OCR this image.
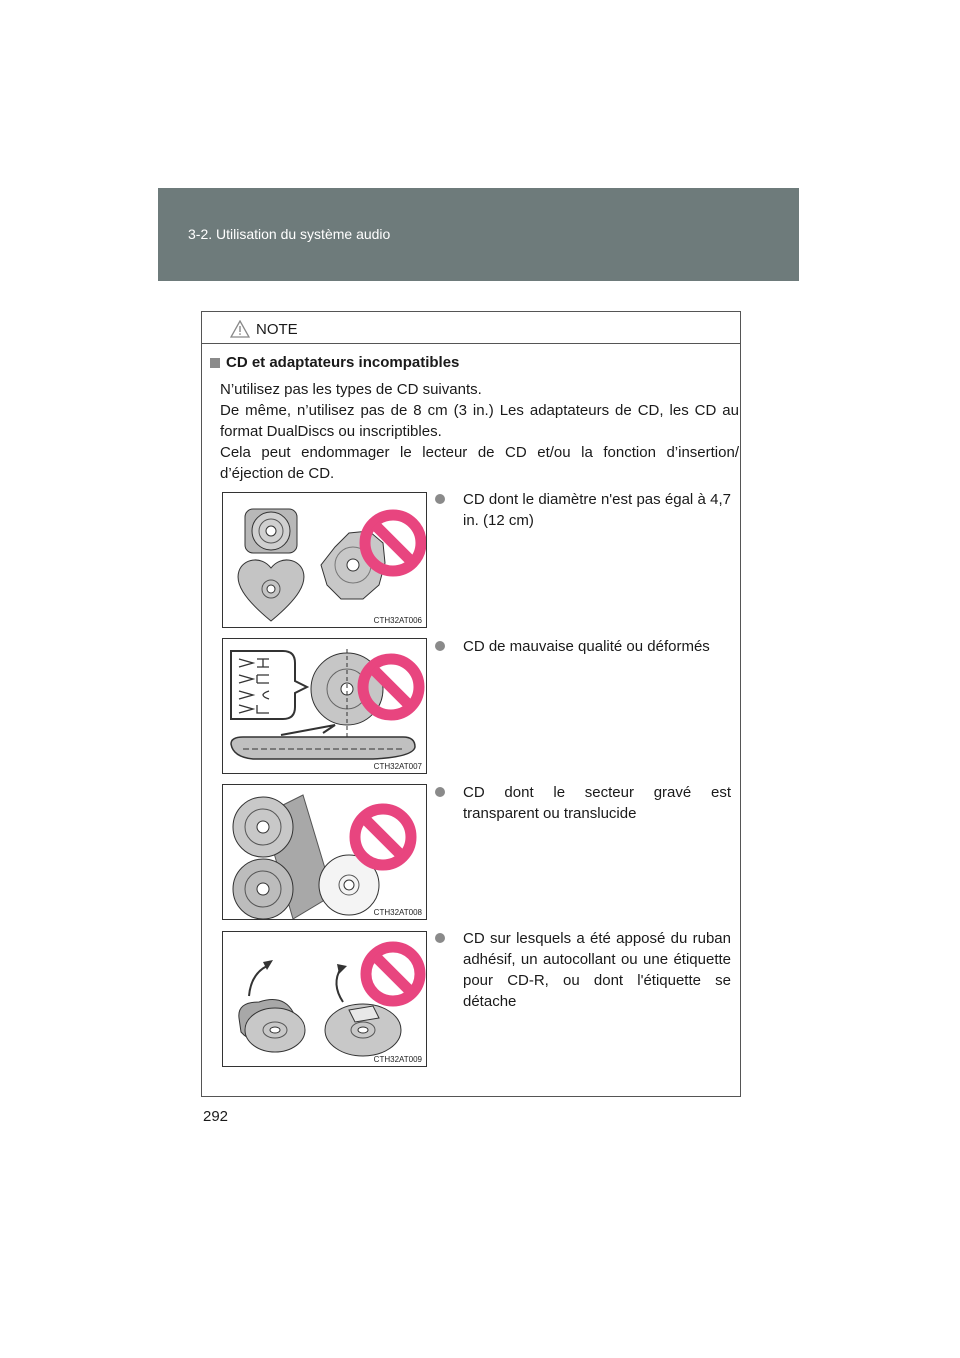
3-2. Utilisation du système audio
NOTE
CD et adaptateurs incompatibles
N’utilisez pas les types de CD suivants.
De même, n’utilisez pas de 8 cm (3 in.) Les adaptateurs de CD, les CD au
format DualDiscs ou inscriptibles.
Cela peut endommager le lecteur de CD et/ou la fonction d’insertion/
d’éjection de CD.
CTH32AT006
CD dont le diamètre n'est pas égal à 4,7 in. (12 cm)
CTH32AT007
CD de mauvaise qualité ou déformés
CTH32AT008
CD dont le secteur gravé est transparent ou translucide
CTH32AT009
CD sur lesquels a été apposé du ruban adhésif, un autocollant ou une étiquette pour CD-R, ou dont l'étiquette se détache
292
